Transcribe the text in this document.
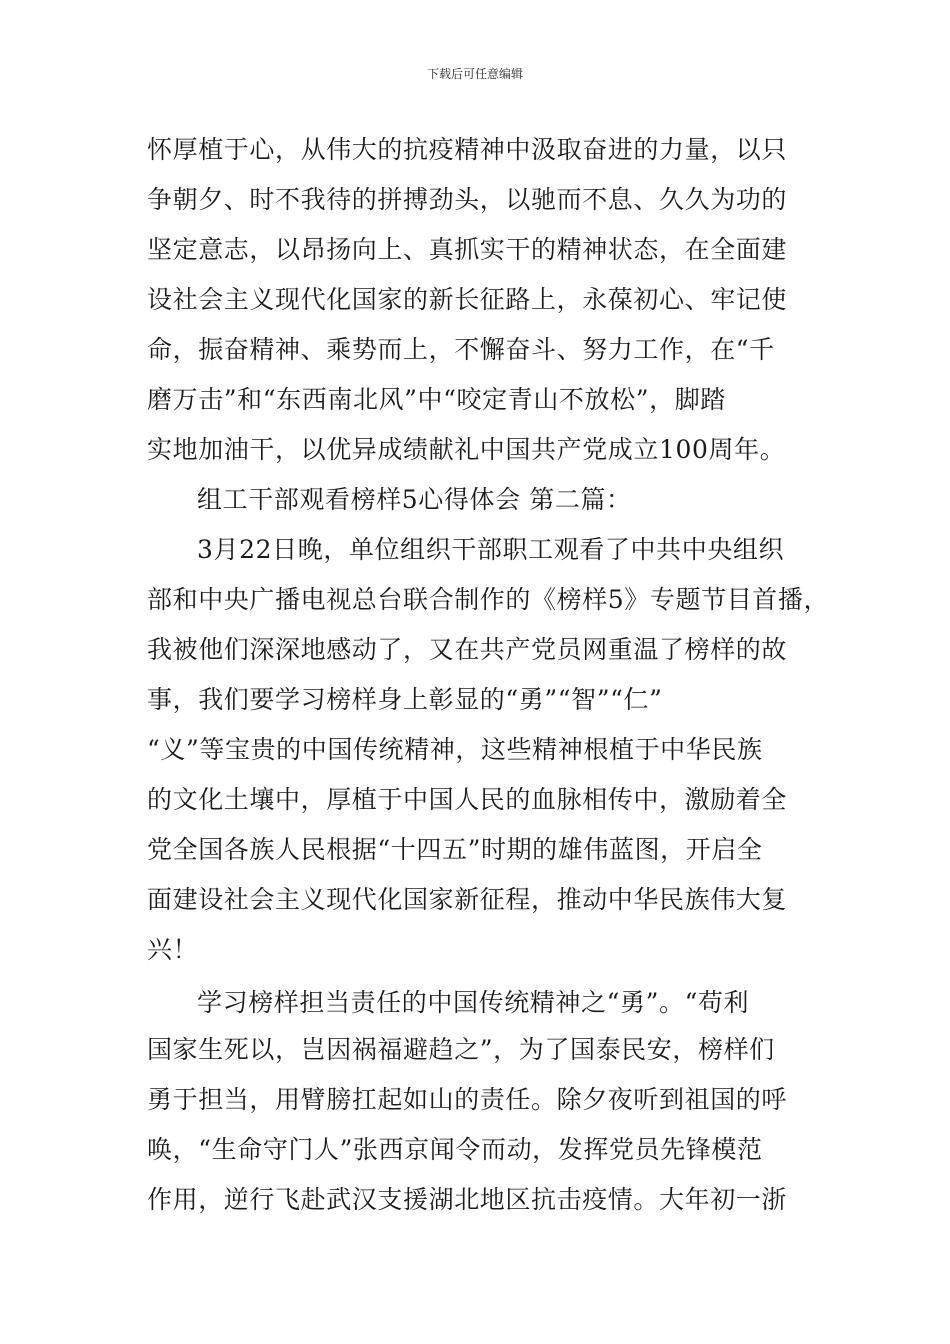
下载后可任意编辑
怀厚植于心，从伟大的抗疫精神中汲取奋进的力量，以只
争朝夕、时不我待的拼搏劲头，以驰而不息、久久为功的
坚定意志，以昂扬向上、真抓实干的精神状态，在全面建
设社会主义现代化国家的新长征路上，永葆初心、牢记使
命，振奋精神、乘势而上，不懈奋斗、努力工作，在“千
磨万击”和“东西南北风”中“咬定青山不放松”，脚踏
实地加油干，以优异成绩献礼中国共产党成立100周年。
组工干部观看榜样5心得体会 第二篇：
3月22日晚，单位组织干部职工观看了中共中央组织
部和中央广播电视总台联合制作的《榜样5》专题节目首播，
我被他们深深地感动了，又在共产党员网重温了榜样的故
事，我们要学习榜样身上彰显的“勇”“智”“仁”
“义”等宝贵的中国传统精神，这些精神根植于中华民族
的文化土壤中，厚植于中国人民的血脉相传中，激励着全
党全国各族人民根据“十四五”时期的雄伟蓝图，开启全
面建设社会主义现代化国家新征程，推动中华民族伟大复
兴！
学习榜样担当责任的中国传统精神之“勇”。“苟利
国家生死以，岂因祸福避趋之”，为了国泰民安，榜样们
勇于担当，用臂膀扛起如山的责任。除夕夜听到祖国的呼
唤，“生命守门人”张西京闻令而动，发挥党员先锋模范
作用，逆行飞赴武汉支援湖北地区抗击疫情。大年初一浙
